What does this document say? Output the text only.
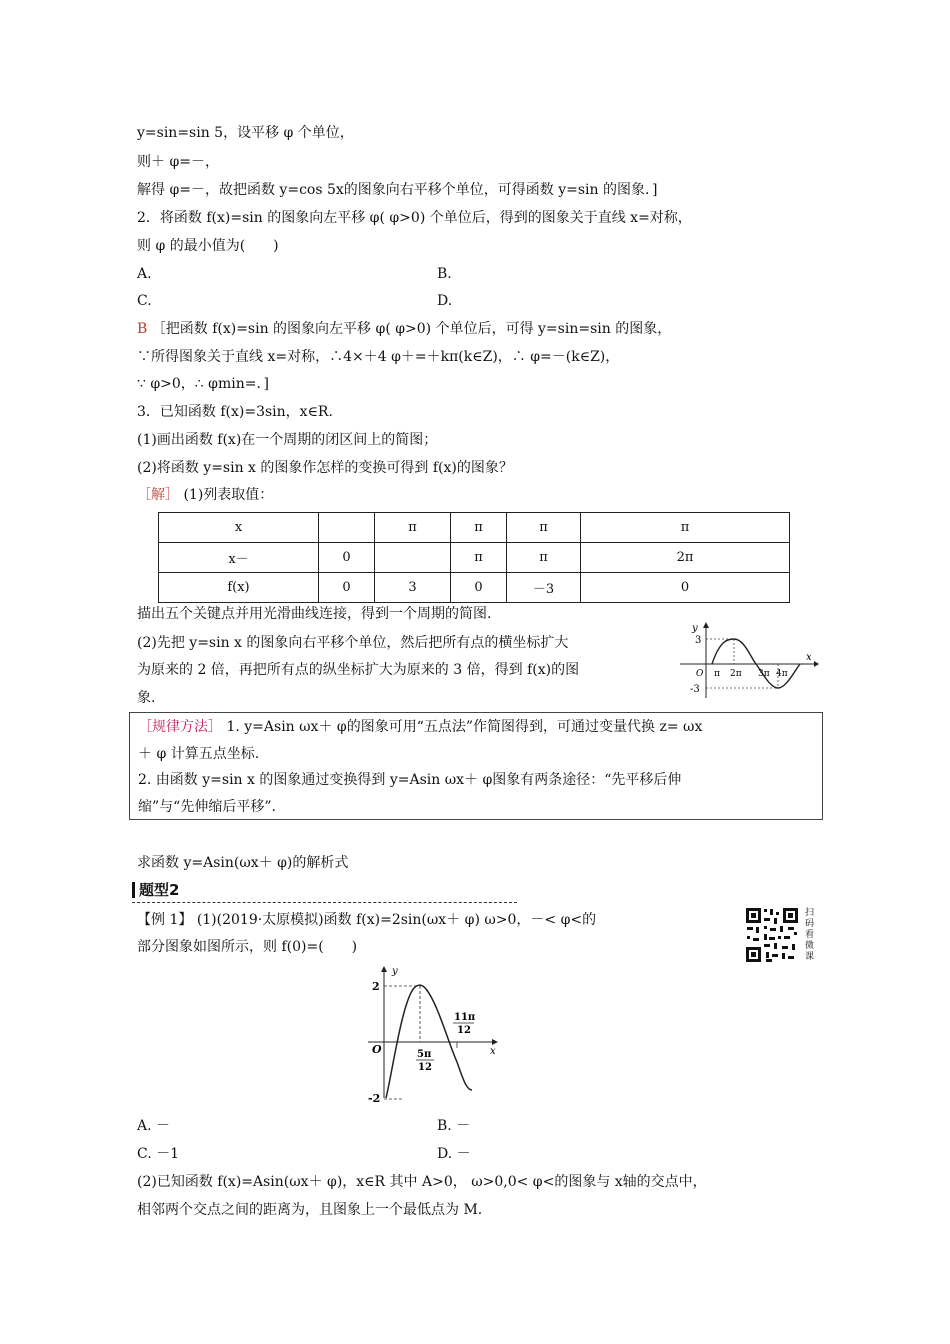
y=sin=sin 5，设平移 φ 个单位，
则＋ φ=－，
解得 φ=－，故把函数 y=cos 5x的图象向右平移个单位，可得函数 y=sin 的图象．]
2．将函数 f(x)=sin 的图象向左平移 φ( φ>0) 个单位后，得到的图象关于直线 x=对称，
则 φ 的最小值为(　　)
A.	B.
C.	D.
B ［把函数 f(x)=sin 的图象向左平移 φ( φ>0) 个单位后，可得 y=sin=sin 的图象，
∵所得图象关于直线 x=对称，∴4×＋4 φ＋=＋kπ(k∈Z)，∴ φ=－(k∈Z)，
∵ φ>0，∴ φmin=．]
3．已知函数 f(x)=3sin，x∈R.
(1)画出函数 f(x)在一个周期的闭区间上的简图；
(2)将函数 y=sin x 的图象作怎样的变换可得到 f(x)的图象？
［解］ (1)列表取值：
x		π	π	π	π
x－	0		π	π	2π
f(x)	0	3	0	－3	0
描出五个关键点并用光滑曲线连接，得到一个周期的简图.
(2)先把 y=sin x 的图象向右平移个单位，然后把所有点的横坐标扩大
为原来的 2 倍，再把所有点的纵坐标扩大为原来的 3 倍，得到 f(x)的图
象.
y
x
3
-3
O π 2π 3π 4π
［规律方法］ 1. y=Asin ωx＋ φ的图象可用“五点法”作简图得到，可通过变量代换 z= ωx
＋ φ 计算五点坐标.
2. 由函数 y=sin x 的图象通过变换得到 y=Asin ωx＋ φ图象有两条途径：“先平移后伸
缩”与“先伸缩后平移”.
求函数 y=Asin(ωx＋ φ)的解析式
题型2
【例 1】 (1)(2019·太原模拟)函数 f(x)=2sin(ωx＋ φ) ω>0，－< φ<的
部分图象如图所示，则 f(0)=(　　)
扫码看微课
y
x
O
2
-2
5π
12
11π
12
A. －	B. －
C. －1	D. －
(2)已知函数 f(x)=Asin(ωx＋ φ)，x∈R 其中 A>0， ω>0,0< φ<的图象与 x轴的交点中，
相邻两个交点之间的距离为，且图象上一个最低点为 M.
